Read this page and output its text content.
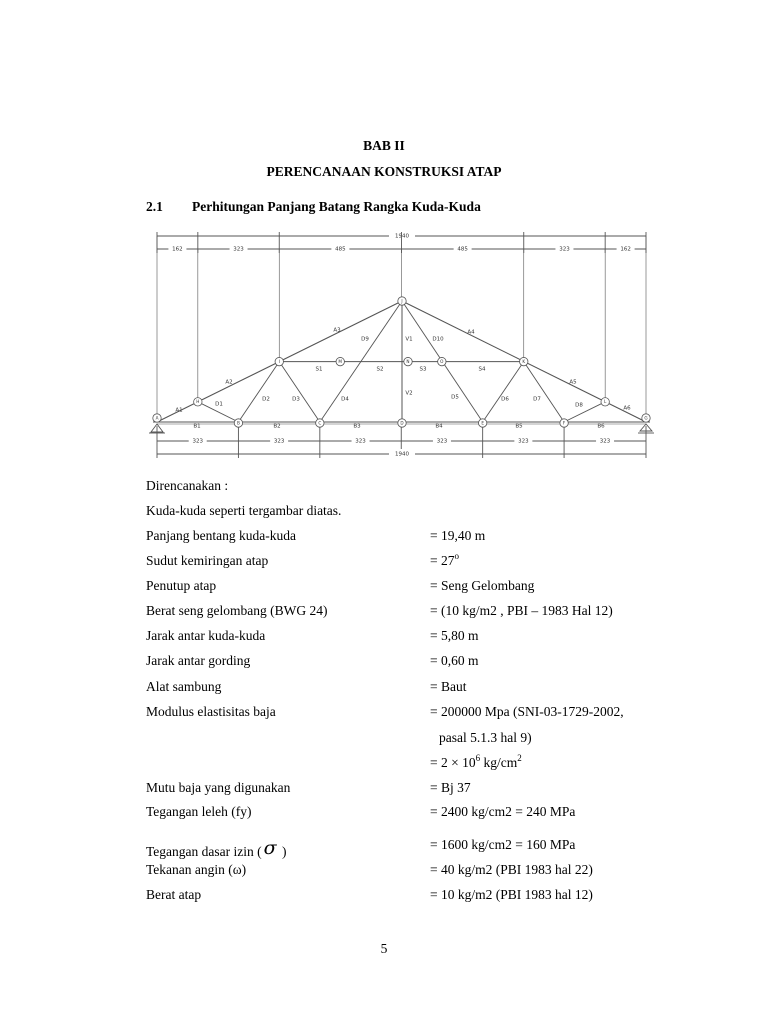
BAB II
PERENCANAAN KONSTRUKSI ATAP
2.1 Perhitungan Panjang Batang Rangka Kuda-Kuda
1940
162	323	485	485	323	162
323	323	323	323	323	323
1940
A1
A2
A3	A4
A5
A6
B1	B2	B3	B4	B5	B6
S1	S2	S3	S4
V1
V2
D1
D2	D3	D4	D5	D6	D7
D8
D9	D10
A
B	C	D	E	F
G
H
I
J
K
L
M	N	O
Direncanakan :
Kuda-kuda seperti tergambar diatas.
Panjang bentang kuda-kuda	= 19,40 m
Sudut kemiringan atap	= $27^o$
Penutup atap	= Seng Gelombang
Berat seng gelombang (BWG 24)	= (10 kg/m2 , PBI – 1983 Hal 12)
Jarak antar kuda-kuda	= 5,80 m
Jarak antar gording	= 0,60 m
Alat sambung	= Baut
Modulus elastisitas baja	= 200000 Mpa (SNI-03-1729-2002,
pasal 5.1.3 hal 9)
= $2 \times 10^6$ $kg/cm^2$
Mutu baja yang digunakan	= Bj 37
Tegangan leleh (fy)	= 2400 kg/cm2 = 240 MPa
Tegangan dasar izin ( σ )	= 1600 kg/cm2 = 160 MPa
Tekanan angin (ω)	= 40 kg/m2 (PBI 1983 hal 22)
Berat atap	= 10 kg/m2 (PBI 1983 hal 12)
5
